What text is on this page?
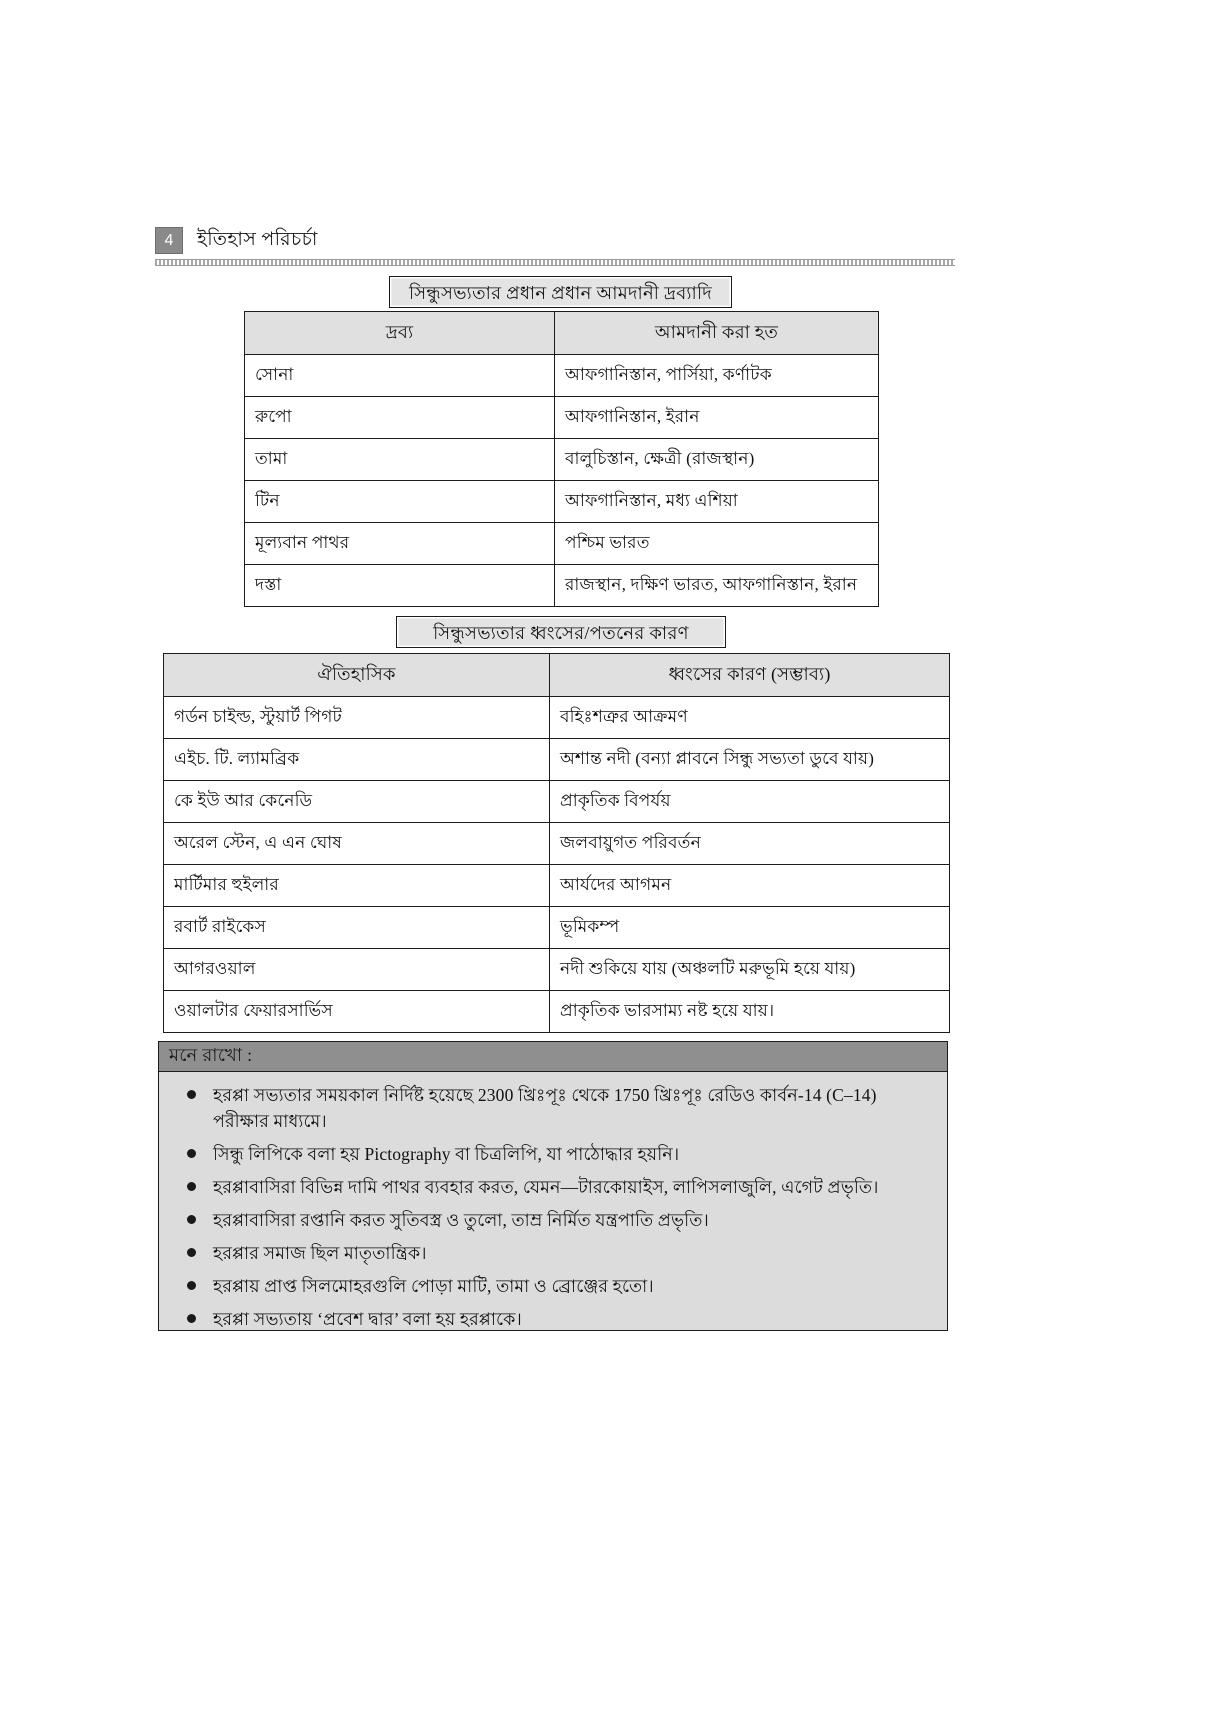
4	ইতিহাস পরিচর্চা
সিন্ধুসভ্যতার প্রধান প্রধান আমদানী দ্রব্যাদি
দ্রব্য	আমদানী করা হত
সোনা	আফগানিস্তান, পার্সিয়া, কর্ণাটক
রুপো	আফগানিস্তান, ইরান
তামা	বালুচিস্তান, ক্ষেত্রী (রাজস্থান)
টিন	আফগানিস্তান, মধ্য এশিয়া
মূল্যবান পাথর	পশ্চিম ভারত
দস্তা	রাজস্থান, দক্ষিণ ভারত, আফগানিস্তান, ইরান
সিন্ধুসভ্যতার ধ্বংসের/পতনের কারণ
ঐতিহাসিক	ধ্বংসের কারণ (সম্ভাব্য)
গর্ডন চাইল্ড, স্টুয়ার্ট পিগট	বহিঃশত্রুর আক্রমণ
এইচ. টি. ল্যামব্রিক	অশান্ত নদী (বন্যা প্লাবনে সিন্ধু সভ্যতা ডুবে যায়)
কে ইউ আর কেনেডি	প্রাকৃতিক বিপর্যয়
অরেল স্টেন, এ এন ঘোষ	জলবায়ুগত পরিবর্তন
মার্টিমার হুইলার	আর্যদের আগমন
রবার্ট রাইকেস	ভূমিকম্প
আগরওয়াল	নদী শুকিয়ে যায় (অঞ্চলটি মরুভূমি হয়ে যায়)
ওয়ালটার ফেয়ারসার্ভিস	প্রাকৃতিক ভারসাম্য নষ্ট হয়ে যায়।
মনে রাখো :
হরপ্পা সভ্যতার সময়কাল নির্দিষ্ট হয়েছে 2300 খ্রিঃপূঃ থেকে 1750 খ্রিঃপূঃ রেডিও কার্বন-14 (C–14) পরীক্ষার মাধ্যমে।
সিন্ধু লিপিকে বলা হয় Pictography বা চিত্রলিপি, যা পাঠোদ্ধার হয়নি।
হরপ্পাবাসিরা বিভিন্ন দামি পাথর ব্যবহার করত, যেমন—টারকোয়াইস, লাপিসলাজুলি, এগেট প্রভৃতি।
হরপ্পাবাসিরা রপ্তানি করত সুতিবস্ত্র ও তুলো, তাম্র নির্মিত যন্ত্রপাতি প্রভৃতি।
হরপ্পার সমাজ ছিল মাতৃতান্ত্রিক।
হরপ্পায় প্রাপ্ত সিলমোহরগুলি পোড়া মাটি, তামা ও ব্রোঞ্জের হতো।
হরপ্পা সভ্যতায় ‘প্রবেশ দ্বার’ বলা হয় হরপ্পাকে।
